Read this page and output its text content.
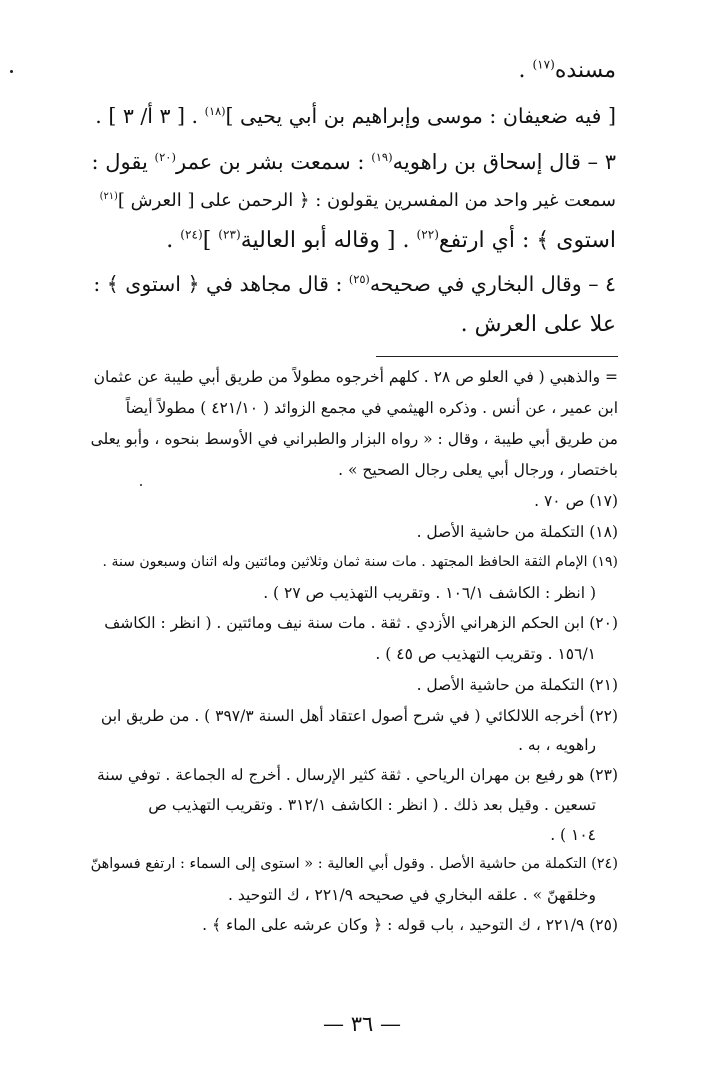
مسنده$^{(١٧)}$ .
[ فيه ضعيفان : موسى وإبراهيم بن أبي يحيى ]$^{(١٨)}$ . [ ٣ أ/ ٣ ] .
٣ – قال إسحاق بن راهويه$^{(١٩)}$ : سمعت بشر بن عمر$^{(٢٠)}$ يقول :
سمعت غير واحد من المفسرين يقولون : ﴿ الرحمن على [ العرش ]$^{(٢١)}$
استوى ﴾ : أي ارتفع$^{(٢٢)}$ . [ وقاله أبو العالية$^{(٢٣)}$ ]$^{(٢٤)}$ .
٤ – وقال البخاري في صحيحه$^{(٢٥)}$ : قال مجاهد في ﴿ استوى ﴾ :
علا على العرش .
= والذهبي ( في العلو ص ٢٨ . كلهم أخرجوه مطولاً من طريق أبي طيبة عن عثمان
ابن عمير ، عن أنس . وذكره الهيثمي في مجمع الزوائد ( ٤٢١/١٠ ) مطولاً أيضاً
من طريق أبي طيبة ، وقال : « رواه البزار والطبراني في الأوسط بنحوه ، وأبو يعلى
باختصار ، ورجال أبي يعلى رجال الصحيح » .
(١٧) ص ٧٠ .
(١٨) التكملة من حاشية الأصل .
(١٩) الإمام الثقة الحافظ المجتهد . مات سنة ثمان وثلاثين ومائتين وله اثنان وسبعون سنة .
( انظر : الكاشف ١٠٦/١ . وتقريب التهذيب ص ٢٧ ) .
(٢٠) ابن الحكم الزهراني الأزدي . ثقة . مات سنة نيف ومائتين . ( انظر : الكاشف
١٥٦/١ . وتقريب التهذيب ص ٤٥ ) .
(٢١) التكملة من حاشية الأصل .
(٢٢) أخرجه اللالكائي ( في شرح أصول اعتقاد أهل السنة ٣٩٧/٣ ) . من طريق ابن
راهويه ، به .
(٢٣) هو رفيع بن مهران الرياحي . ثقة كثير الإرسال . أخرج له الجماعة . توفي سنة
تسعين . وقيل بعد ذلك . ( انظر : الكاشف ٣١٢/١ . وتقريب التهذيب ص
١٠٤ ) .
(٢٤) التكملة من حاشية الأصل . وقول أبي العالية : « استوى إلى السماء : ارتفع فسواهنّ
وخلقهنّ » . علقه البخاري في صحيحه ٢٢١/٩ ، ك التوحيد .
(٢٥) ٢٢١/٩ ، ك التوحيد ، باب قوله : ﴿ وكان عرشه على الماء ﴾ .
— ٣٦ —
